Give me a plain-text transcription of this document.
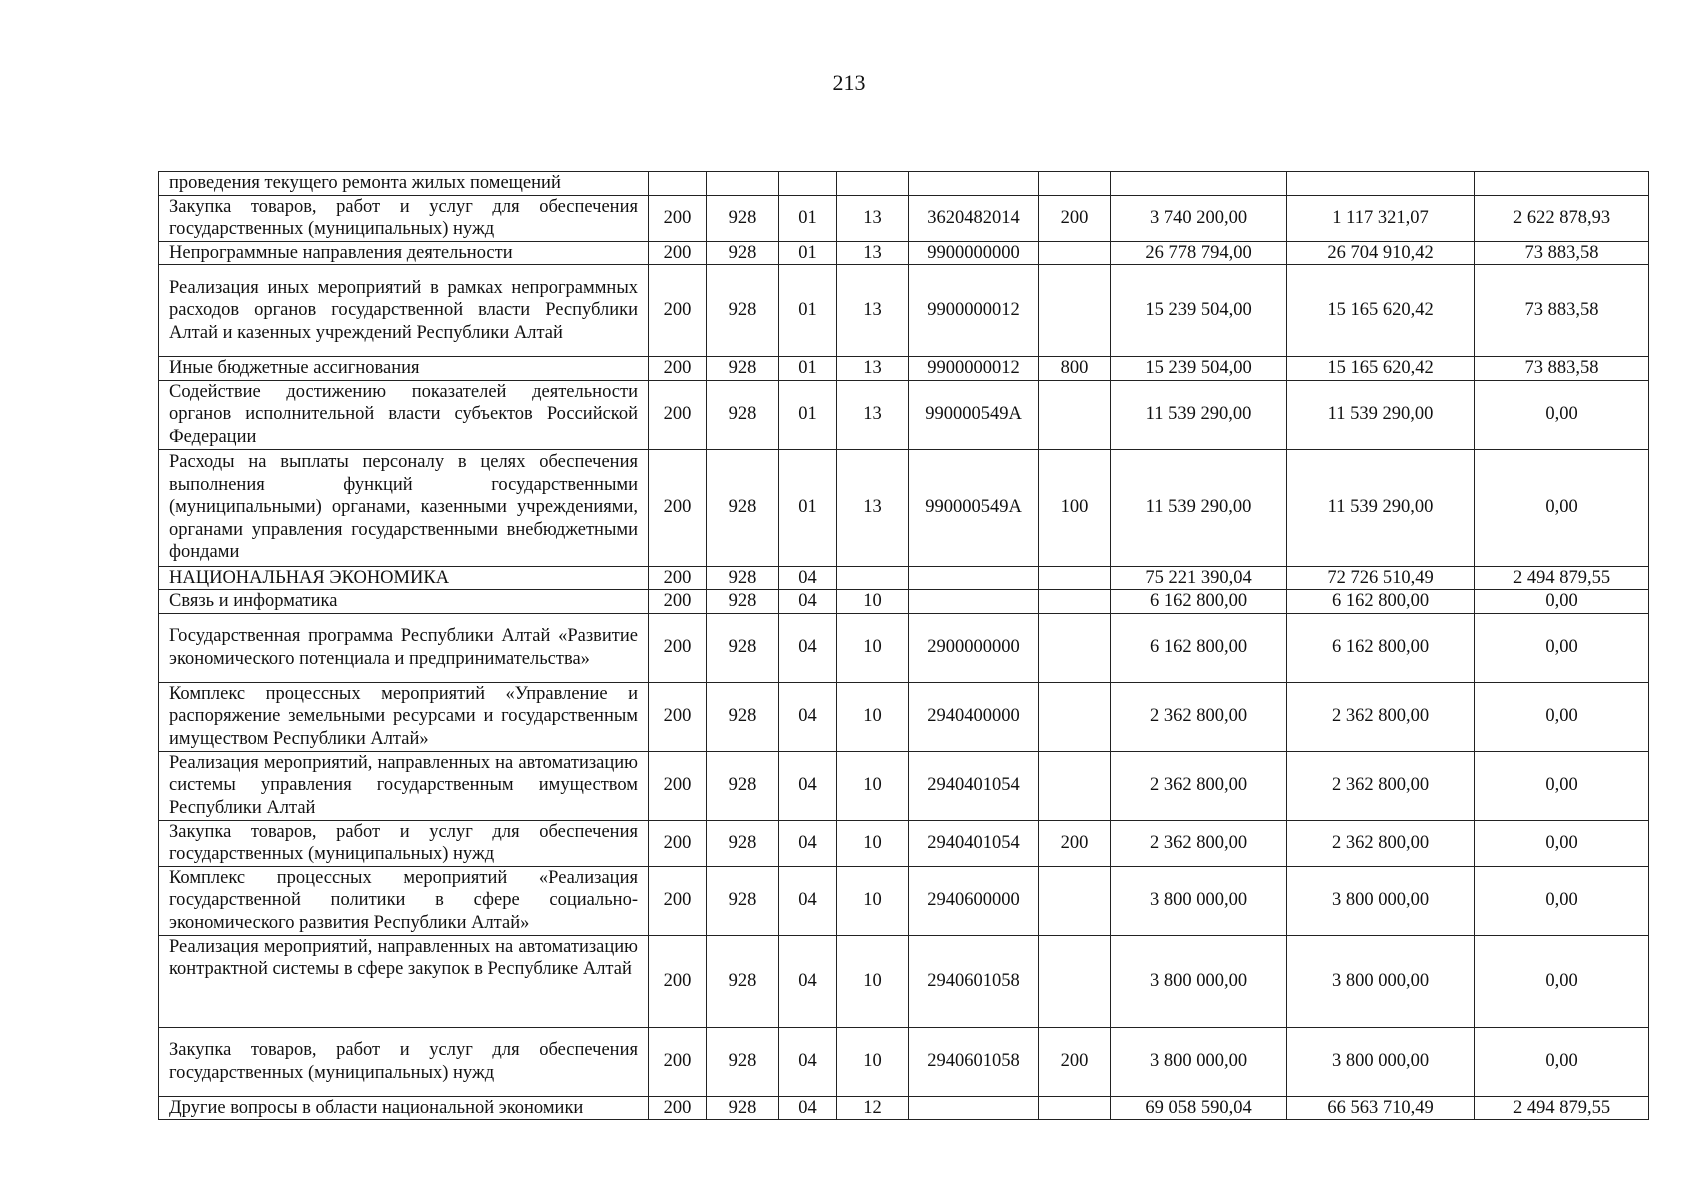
213
проведения текущего ремонта жилых помещений									
Закупка товаров, работ и услуг для обеспечения государственных (муниципальных) нужд	200	928	01	13	3620482014	200	3 740 200,00	1 117 321,07	2 622 878,93
Непрограммные направления деятельности	200	928	01	13	9900000000		26 778 794,00	26 704 910,42	73 883,58
Реализация иных мероприятий в рамках непрограммных расходов органов государственной власти Республики Алтай и казенных учреждений Республики Алтай	200	928	01	13	9900000012		15 239 504,00	15 165 620,42	73 883,58
Иные бюджетные ассигнования	200	928	01	13	9900000012	800	15 239 504,00	15 165 620,42	73 883,58
Содействие достижению показателей деятельности органов исполнительной власти субъектов Российской Федерации	200	928	01	13	990000549A		11 539 290,00	11 539 290,00	0,00
Расходы на выплаты персоналу в целях обеспечения выполнения функций государственными (муниципальными) органами, казенными учреждениями, органами управления государственными внебюджетными фондами	200	928	01	13	990000549A	100	11 539 290,00	11 539 290,00	0,00
НАЦИОНАЛЬНАЯ ЭКОНОМИКА	200	928	04				75 221 390,04	72 726 510,49	2 494 879,55
Связь и информатика	200	928	04	10			6 162 800,00	6 162 800,00	0,00
Государственная программа Республики Алтай «Развитие экономического потенциала и предпринимательства»	200	928	04	10	2900000000		6 162 800,00	6 162 800,00	0,00
Комплекс процессных мероприятий «Управление и распоряжение земельными ресурсами и государственным имуществом Республики Алтай»	200	928	04	10	2940400000		2 362 800,00	2 362 800,00	0,00
Реализация мероприятий, направленных на автоматизацию системы управления государственным имуществом Республики Алтай	200	928	04	10	2940401054		2 362 800,00	2 362 800,00	0,00
Закупка товаров, работ и услуг для обеспечения государственных (муниципальных) нужд	200	928	04	10	2940401054	200	2 362 800,00	2 362 800,00	0,00
Комплекс процессных мероприятий «Реализация государственной политики в сфере социально-экономического развития Республики Алтай»	200	928	04	10	2940600000		3 800 000,00	3 800 000,00	0,00
Реализация мероприятий, направленных на автоматизацию контрактной системы в сфере закупок в Республике Алтай	200	928	04	10	2940601058		3 800 000,00	3 800 000,00	0,00
Закупка товаров, работ и услуг для обеспечения государственных (муниципальных) нужд	200	928	04	10	2940601058	200	3 800 000,00	3 800 000,00	0,00
Другие вопросы в области национальной экономики	200	928	04	12			69 058 590,04	66 563 710,49	2 494 879,55
